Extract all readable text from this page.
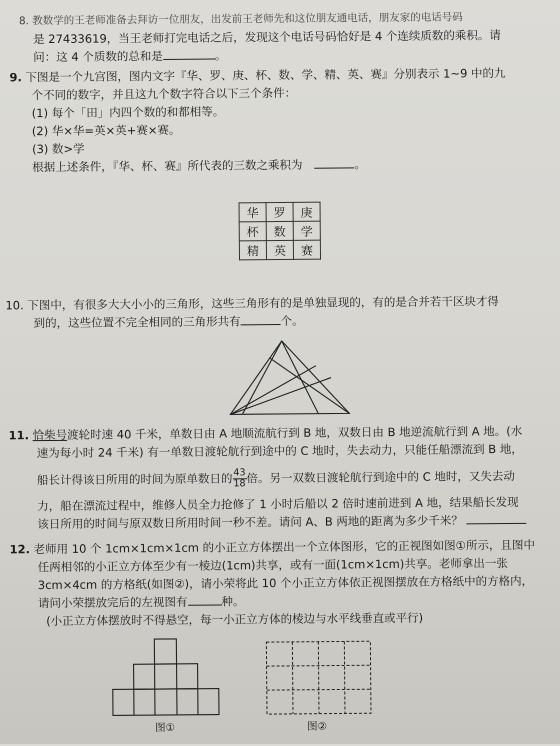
8. 教数学的王老师准备去拜访一位朋友，出发前王老师先和这位朋友通电话，朋友家的电话号码

是 27433619，当王老师打完电话之后，发现这个电话号码恰好是 4 个连续质数的乘积。请

问：这 4 个质数的总和是	。

9. 下图是一个九宫图，图内文字『华、罗、庚、杯、数、学、精、英、赛』分别表示 1~9 中的九

个不同的数字，并且这九个数字符合以下三个条件：

(1) 每个「田」内四个数的和都相等。

(2) 华×华=英×英+赛×赛。

(3) 数>学

根据上述条件，『华、杯、赛』所代表的三数之乘积为	。

华	罗	庚
杯	数	学
精	英	赛

10. 下图中，有很多大大小小的三角形，这些三角形有的是单独显现的，有的是合并若干区块才得

到的，这些位置不完全相同的三角形共有	个。

11. 恰柴号渡轮时速 40 千米，单数日由 A 地顺流航行到 B 地，双数日由 B 地逆流航行到 A 地。(水

速为每小时 24 千米) 有一单数日渡轮航行到途中的 C 地时，失去动力，只能任船漂流到 B 地，

船长计得该日所用的时间为原单数日的 $\frac{43}{18}$ 倍。另一双数日渡轮航行到途中的 C 地时，又失去动

力，船在漂流过程中，维修人员全力抢修了 1 小时后船以 2 倍时速前进到 A 地，结果船长发现

该日所用的时间与原双数日所用时间一秒不差。请问 A、B 两地的距离为多少千米？

12. 老师用 10 个 1cm×1cm×1cm 的小正立方体摆出一个立体图形，它的正视图如图①所示，且图中

任两相邻的小正立方体至少有一棱边(1cm)共享，或有一面(1cm×1cm)共享。老师拿出一张

3cm×4cm 的方格纸(如图②)，请小荣将此 10 个小正立方体依正视图摆放在方格纸中的方格内，

请问小荣摆放完后的左视图有	种。

(小正立方体摆放时不得悬空，每一小正立方体的棱边与水平线垂直或平行)

图①	图②
